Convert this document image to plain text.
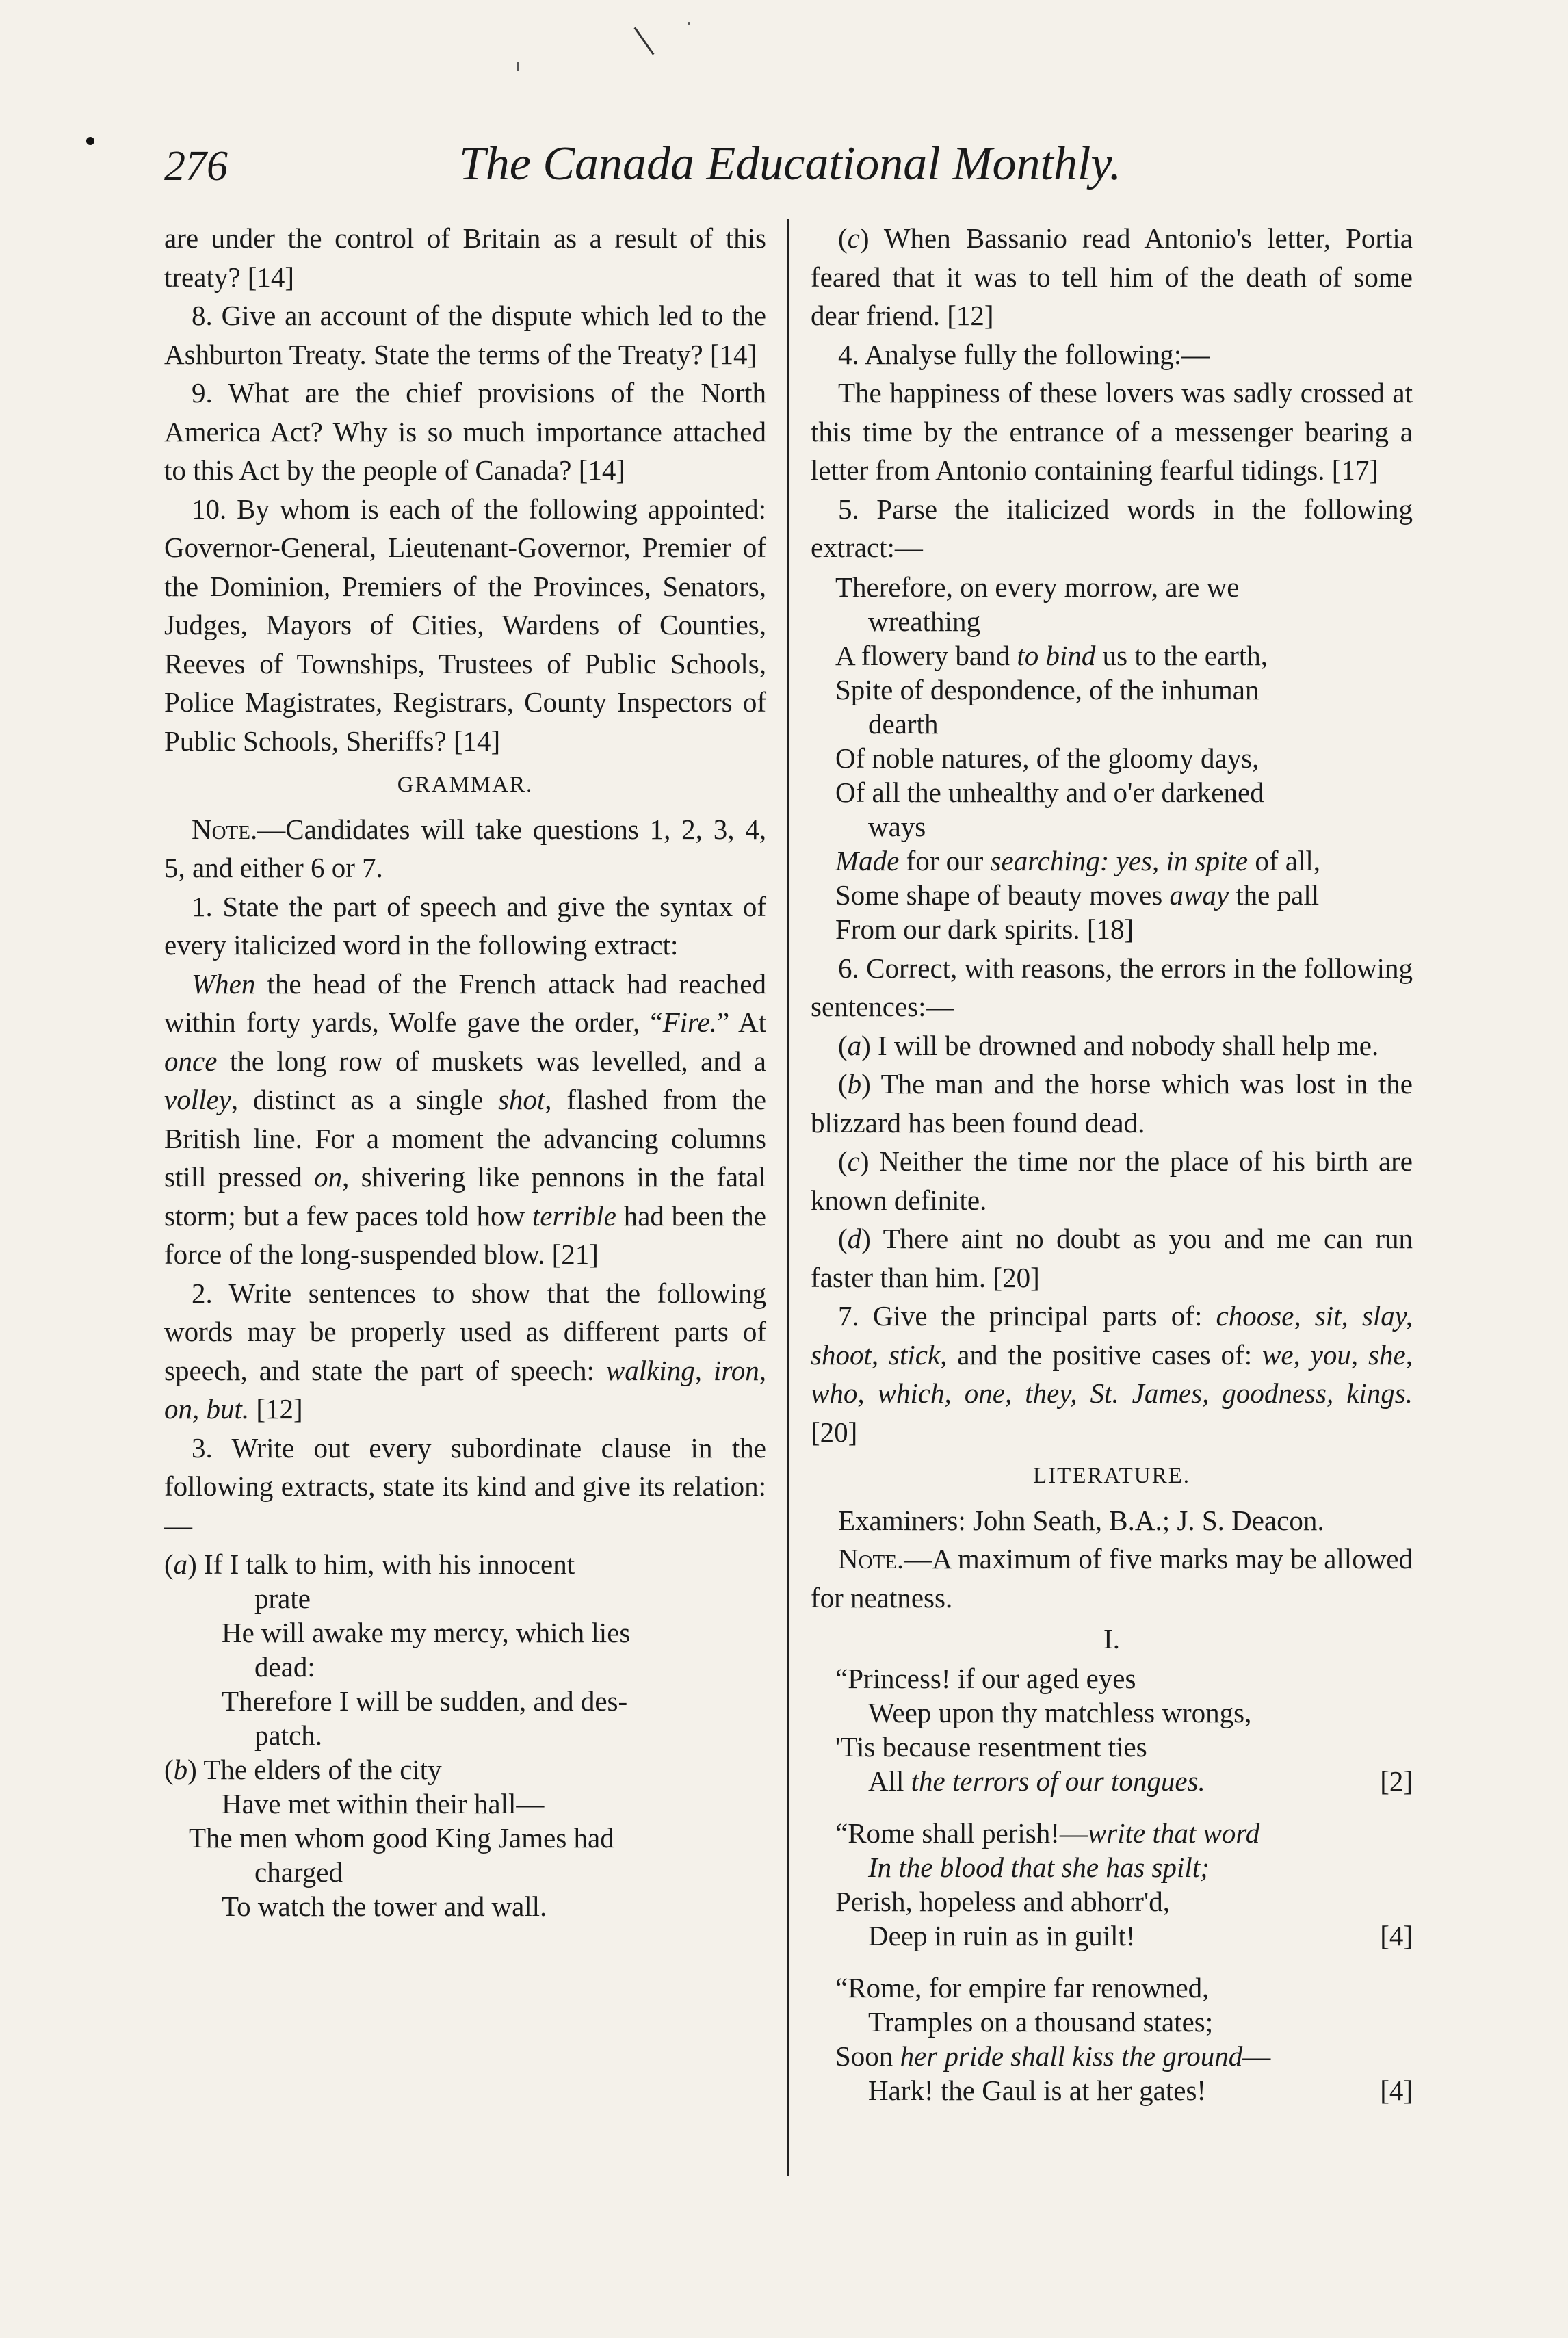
276	The Canada Educational Monthly.

are under the control of Britain as a result of this treaty? [14]

8. Give an account of the dispute which led to the Ashburton Treaty. State the terms of the Treaty? [14]

9. What are the chief provisions of the North America Act? Why is so much importance attached to this Act by the people of Canada? [14]

10. By whom is each of the following appointed: Governor-General, Lieutenant-Governor, Premier of the Dominion, Premiers of the Provinces, Senators, Judges, Mayors of Cities, Wardens of Counties, Reeves of Townships, Trustees of Public Schools, Police Magistrates, Registrars, County Inspectors of Public Schools, Sheriffs? [14]

GRAMMAR.

Note.—Candidates will take questions 1, 2, 3, 4, 5, and either 6 or 7.

1. State the part of speech and give the syntax of every italicized word in the following extract:

When the head of the French attack had reached within forty yards, Wolfe gave the order, “Fire.” At once the long row of muskets was levelled, and a volley, distinct as a single shot, flashed from the British line. For a moment the advancing columns still pressed on, shivering like pennons in the fatal storm; but a few paces told how terrible had been the force of the long-suspended blow. [21]

2. Write sentences to show that the following words may be properly used as different parts of speech, and state the part of speech: walking, iron, on, but. [12]

3. Write out every subordinate clause in the following extracts, state its kind and give its relation:—

(a) If I talk to him, with his innocent
prate
He will awake my mercy, which lies
dead:
Therefore I will be sudden, and des-
patch.
(b) The elders of the city
Have met within their hall—
The men whom good King James had
charged
To watch the tower and wall.

(c) When Bassanio read Antonio's letter, Portia feared that it was to tell him of the death of some dear friend. [12]

4. Analyse fully the following:—

The happiness of these lovers was sadly crossed at this time by the entrance of a messenger bearing a letter from Antonio containing fearful tidings. [17]

5. Parse the italicized words in the following extract:—

Therefore, on every morrow, are we
wreathing
A flowery band to bind us to the earth,
Spite of despondence, of the inhuman
dearth
Of noble natures, of the gloomy days,
Of all the unhealthy and o'er darkened
ways
Made for our searching: yes, in spite of all,
Some shape of beauty moves away the pall
From our dark spirits. [18]

6. Correct, with reasons, the errors in the following sentences:—

(a) I will be drowned and nobody shall help me.

(b) The man and the horse which was lost in the blizzard has been found dead.

(c) Neither the time nor the place of his birth are known definite.

(d) There aint no doubt as you and me can run faster than him. [20]

7. Give the principal parts of: choose, sit, slay, shoot, stick, and the positive cases of: we, you, she, who, which, one, they, St. James, goodness, kings. [20]

LITERATURE.

Examiners: John Seath, B.A.; J. S. Deacon.

Note.—A maximum of five marks may be allowed for neatness.

I.
“Princess! if our aged eyes
Weep upon thy matchless wrongs,
'Tis because resentment ties
All the terrors of our tongues.	[2]
“Rome shall perish!—write that word
In the blood that she has spilt;
Perish, hopeless and abhorr'd,
Deep in ruin as in guilt!	[4]
“Rome, for empire far renowned,
Tramples on a thousand states;
Soon her pride shall kiss the ground—
Hark! the Gaul is at her gates!	[4]
